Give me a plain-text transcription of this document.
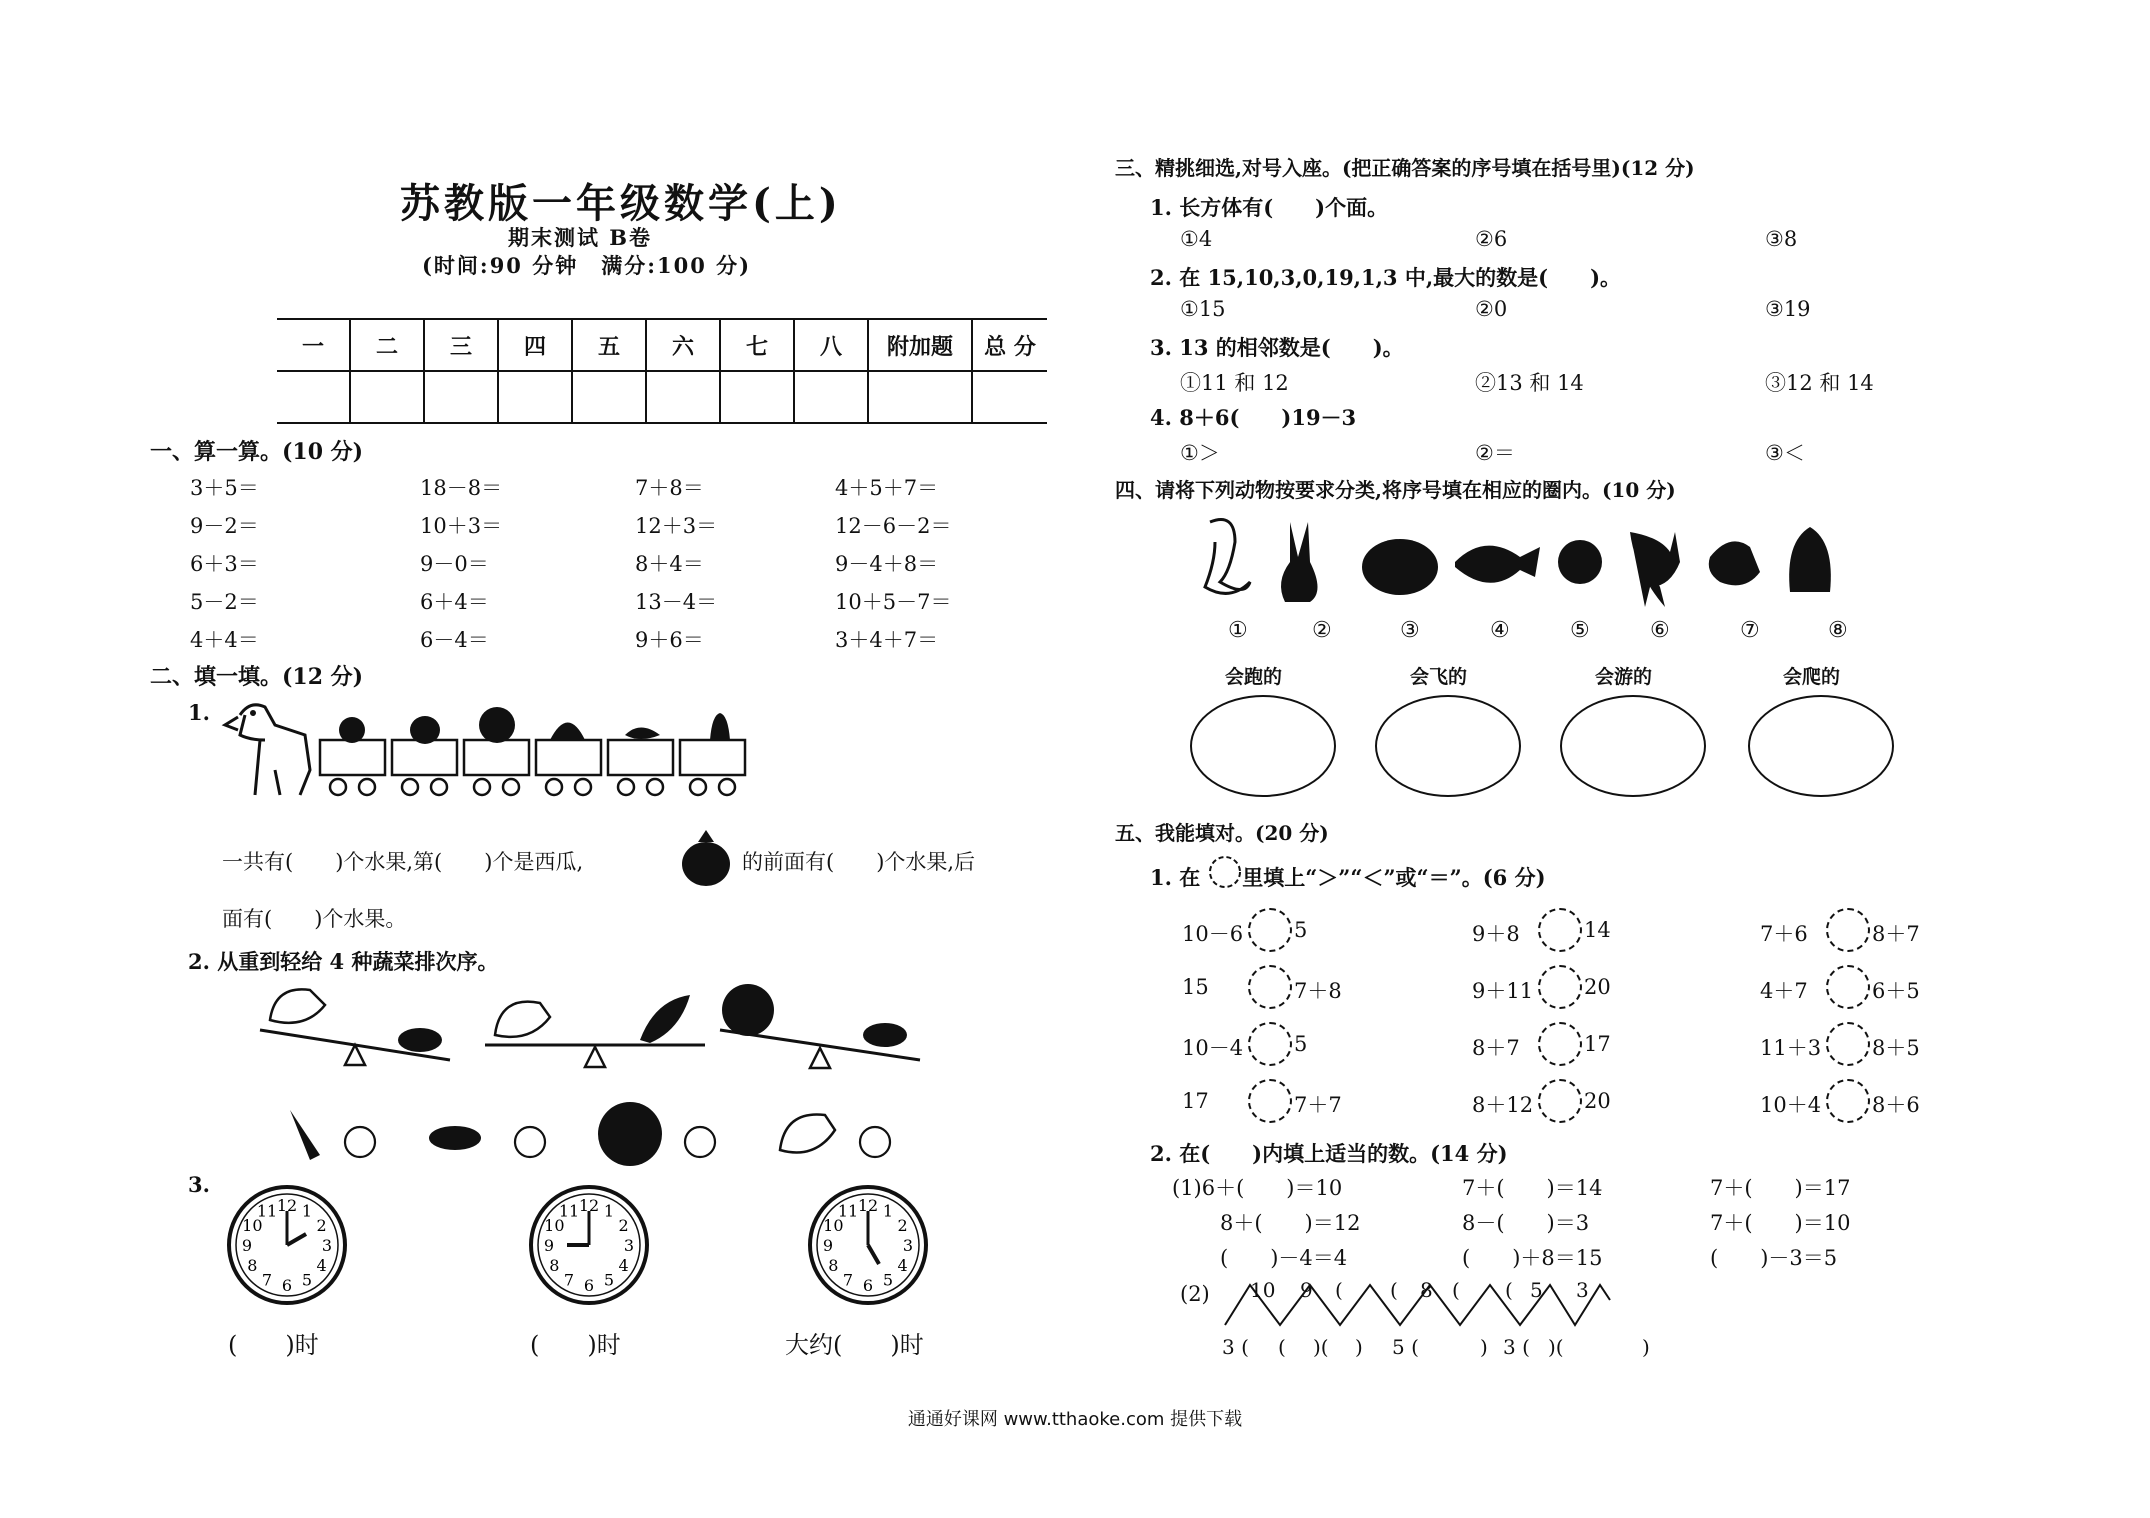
苏教版一年级数学(上)
期末测试 B卷
(时间:90 分钟　满分:100 分)
一	二	三	四	五	六	七	八	附加题	总 分

一、算一算。(10 分)
3＋5＝	18－8＝	7＋8＝	4＋5＋7＝
9－2＝	10＋3＝	12＋3＝	12－6－2＝
6＋3＝	9－0＝	8＋4＝	9－4＋8＝
5－2＝	6＋4＝	13－4＝	10＋5－7＝
4＋4＝	6－4＝	9＋6＝	3＋4＋7＝
二、填一填。(12 分)
1.
一共有(　　)个水果,第(　　)个是西瓜,	的前面有(　　)个水果,后
面有(　　)个水果。
2. 从重到轻给 4 种蔬菜排次序。
3.
12 1
2
3
4
5
6
7
8
9
10
11	12 1
2
3
4
5
6
7
8
9
10
11	12 1
2
3
4
5
6
7
8
9
10
11
(　　)时	(　　)时	大约(　　)时
三、精挑细选,对号入座。(把正确答案的序号填在括号里)(12 分)
1. 长方体有(　　)个面。
①4	②6	③8
2. 在 15,10,3,0,19,1,3 中,最大的数是(　　)。
①15	②0	③19
3. 13 的相邻数是(　　)。
①11 和 12	②13 和 14	③12 和 14
4. 8＋6(　　)19－3
①＞	②＝	③＜
四、请将下列动物按要求分类,将序号填在相应的圈内。(10 分)
①	②	③	④	⑤	⑥	⑦	⑧
会跑的	会飞的	会游的	会爬的
五、我能填对。(20 分)
1. 在　　里填上“＞”“＜”或“＝”。(6 分)
10－6 5	9＋8	14	7＋6	8＋7
15	7＋8	9＋11 20	4＋7	6＋5
10－4 5	8＋7	17	11＋3 8＋5
17	7＋7	8＋12 20	10＋4 8＋6
2. 在(　　)内填上适当的数。(14 分)
(1)6＋(　　)＝10	7＋(　　)＝14	7＋(　　)＝17
8＋(　　)＝12	8－(　　)＝3	7＋(　　)＝10
(　　)－4＝4	(　　)＋8＝15	(　　)－3＝5
(2) 10 9 ( ( 8 ( ( 5 3
3 ( ( )( ) 5 (	) 3 ( )(	)
通通好课网 www.tthaoke.com 提供下载
